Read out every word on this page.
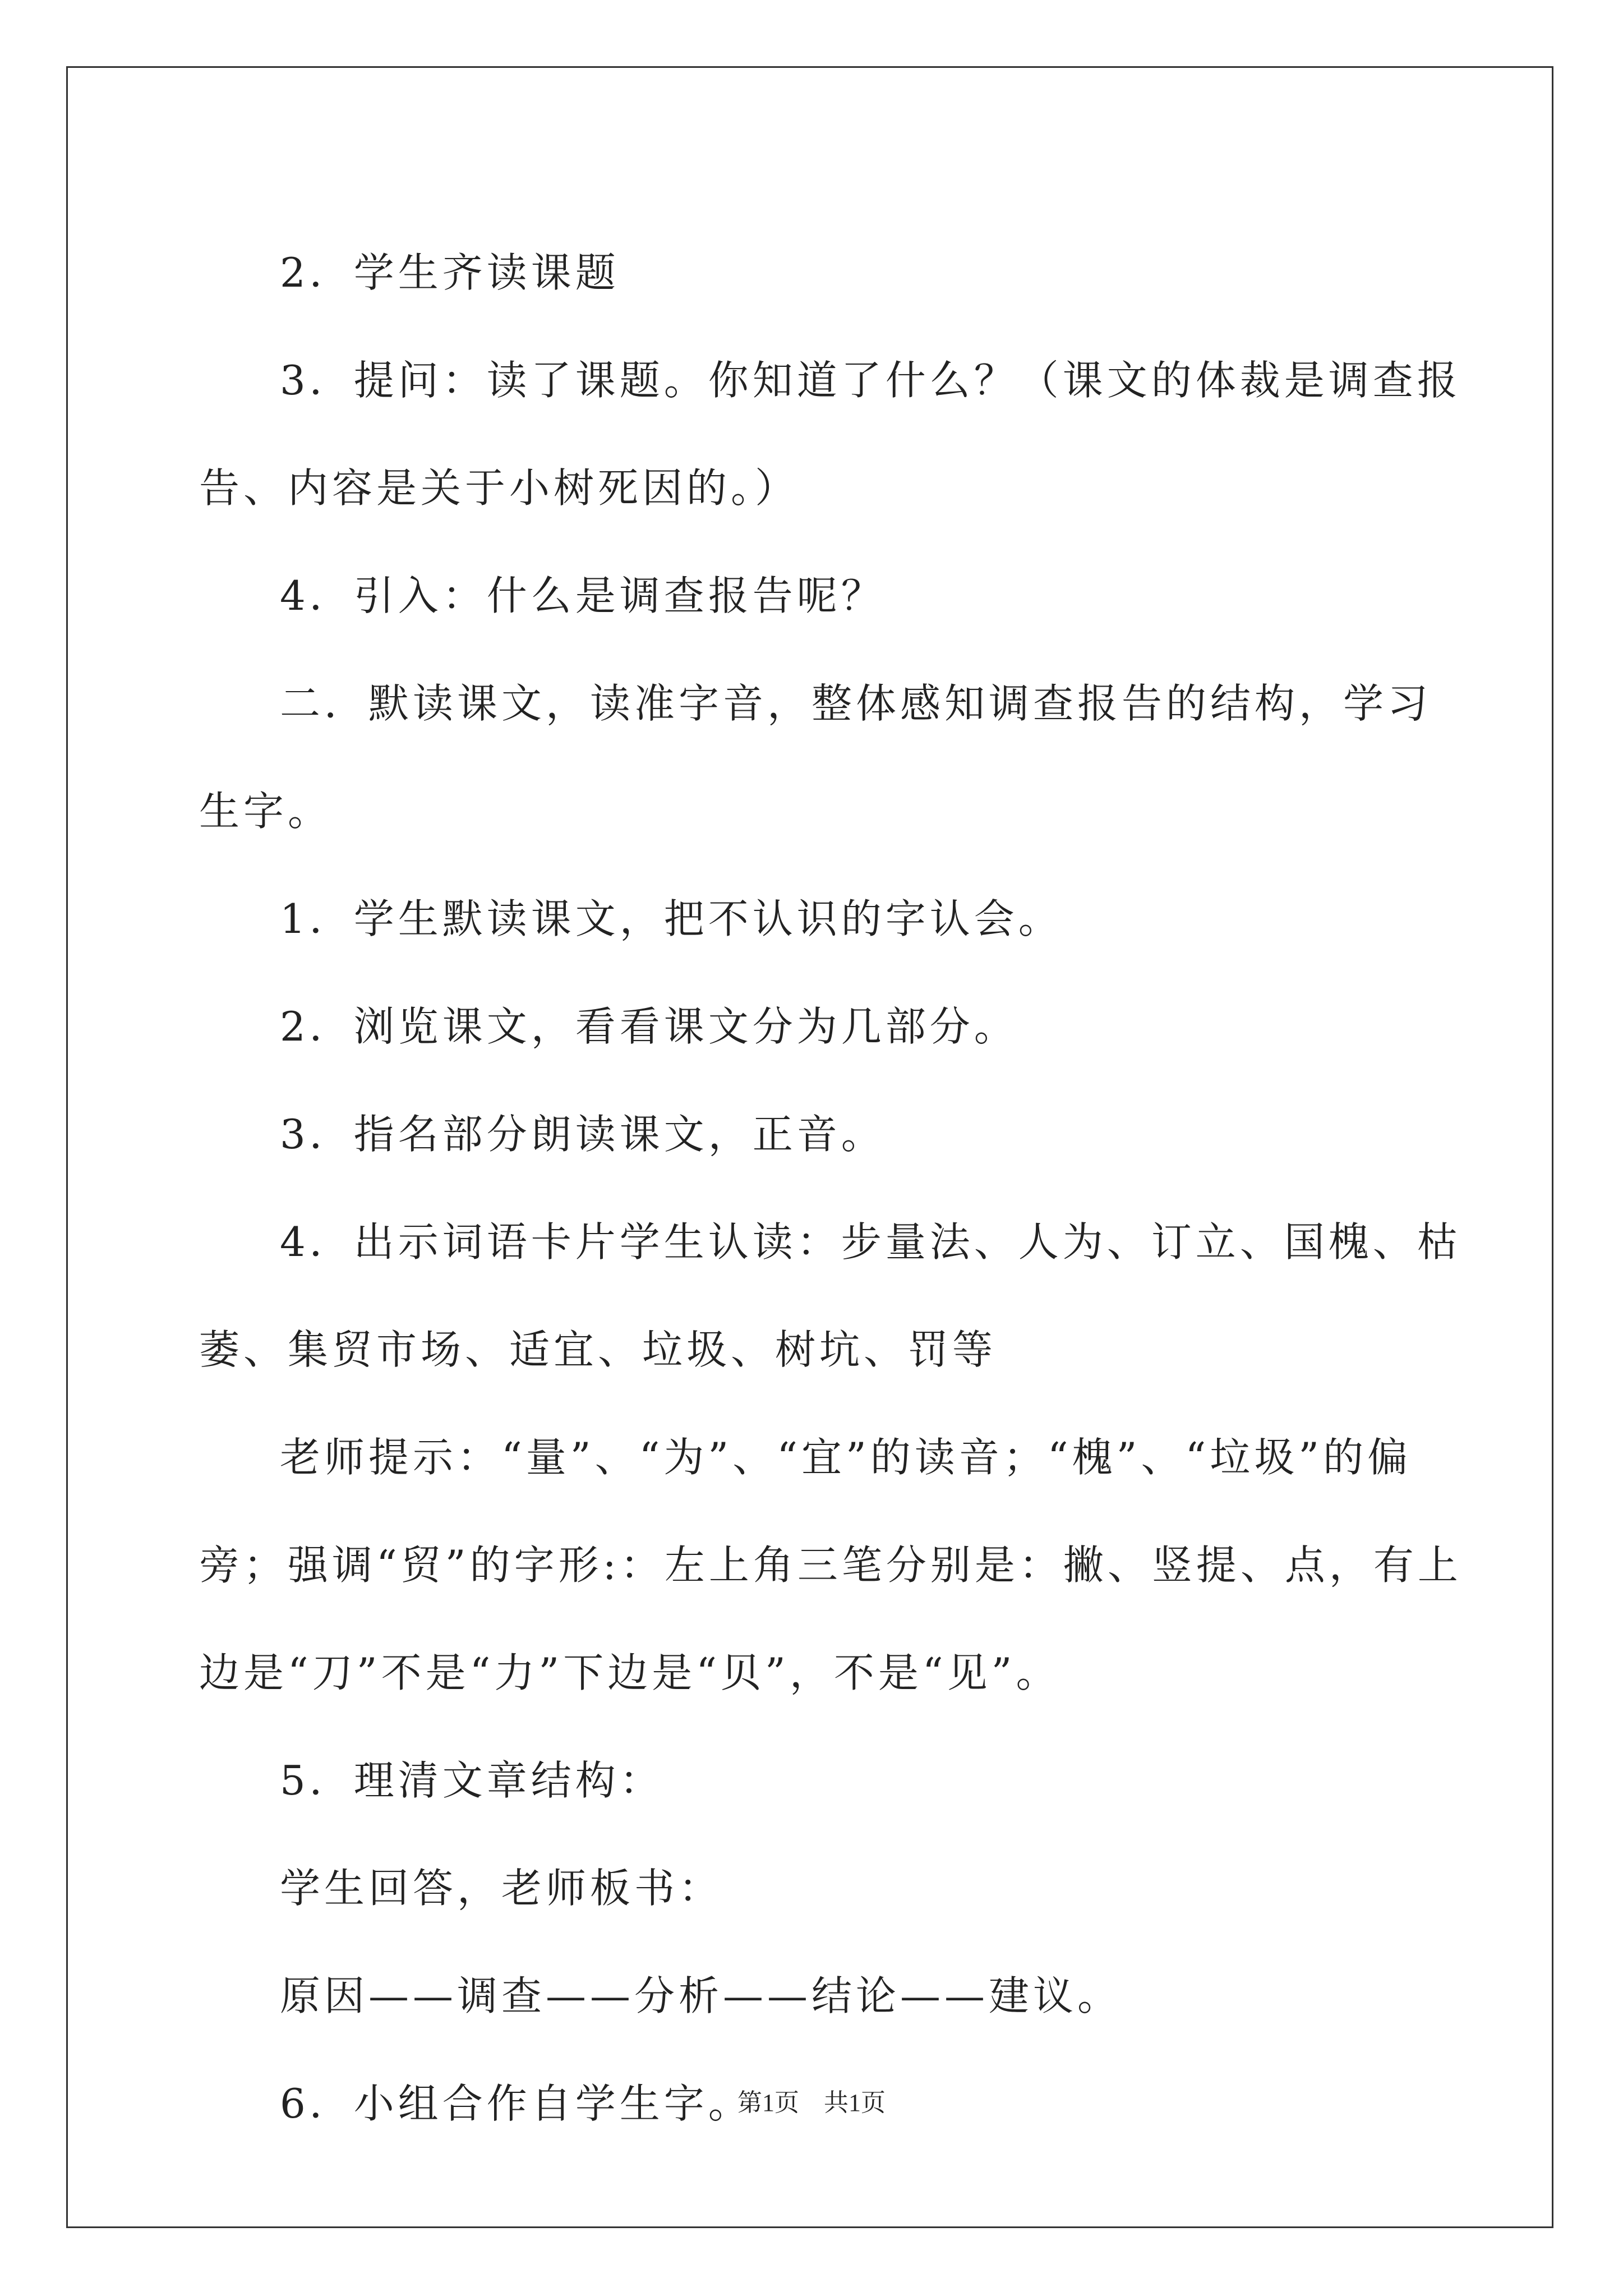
2．学生齐读课题

3．提问：读了课题。你知道了什么？（课文的体裁是调查报告、内容是关于小树死因的。）

4．引入：什么是调查报告呢？

二．默读课文，读准字音，整体感知调查报告的结构，学习生字。

1．学生默读课文，把不认识的字认会。

2．浏览课文，看看课文分为几部分。

3．指名部分朗读课文，正音。

4．出示词语卡片学生认读：步量法、人为、订立、国槐、枯萎、集贸市场、适宜、垃圾、树坑、罚等

老师提示：“量”、“为”、“宜”的读音；“槐”、“垃圾”的偏旁；强调“贸”的字形:：左上角三笔分别是：撇、竖提、点，有上边是“刀”不是“力”下边是“贝”，不是“见”。

5．理清文章结构：

学生回答，老师板书：

原因——调查——分析——结论——建议。

6．小组合作自学生字。

第1页　共1页
